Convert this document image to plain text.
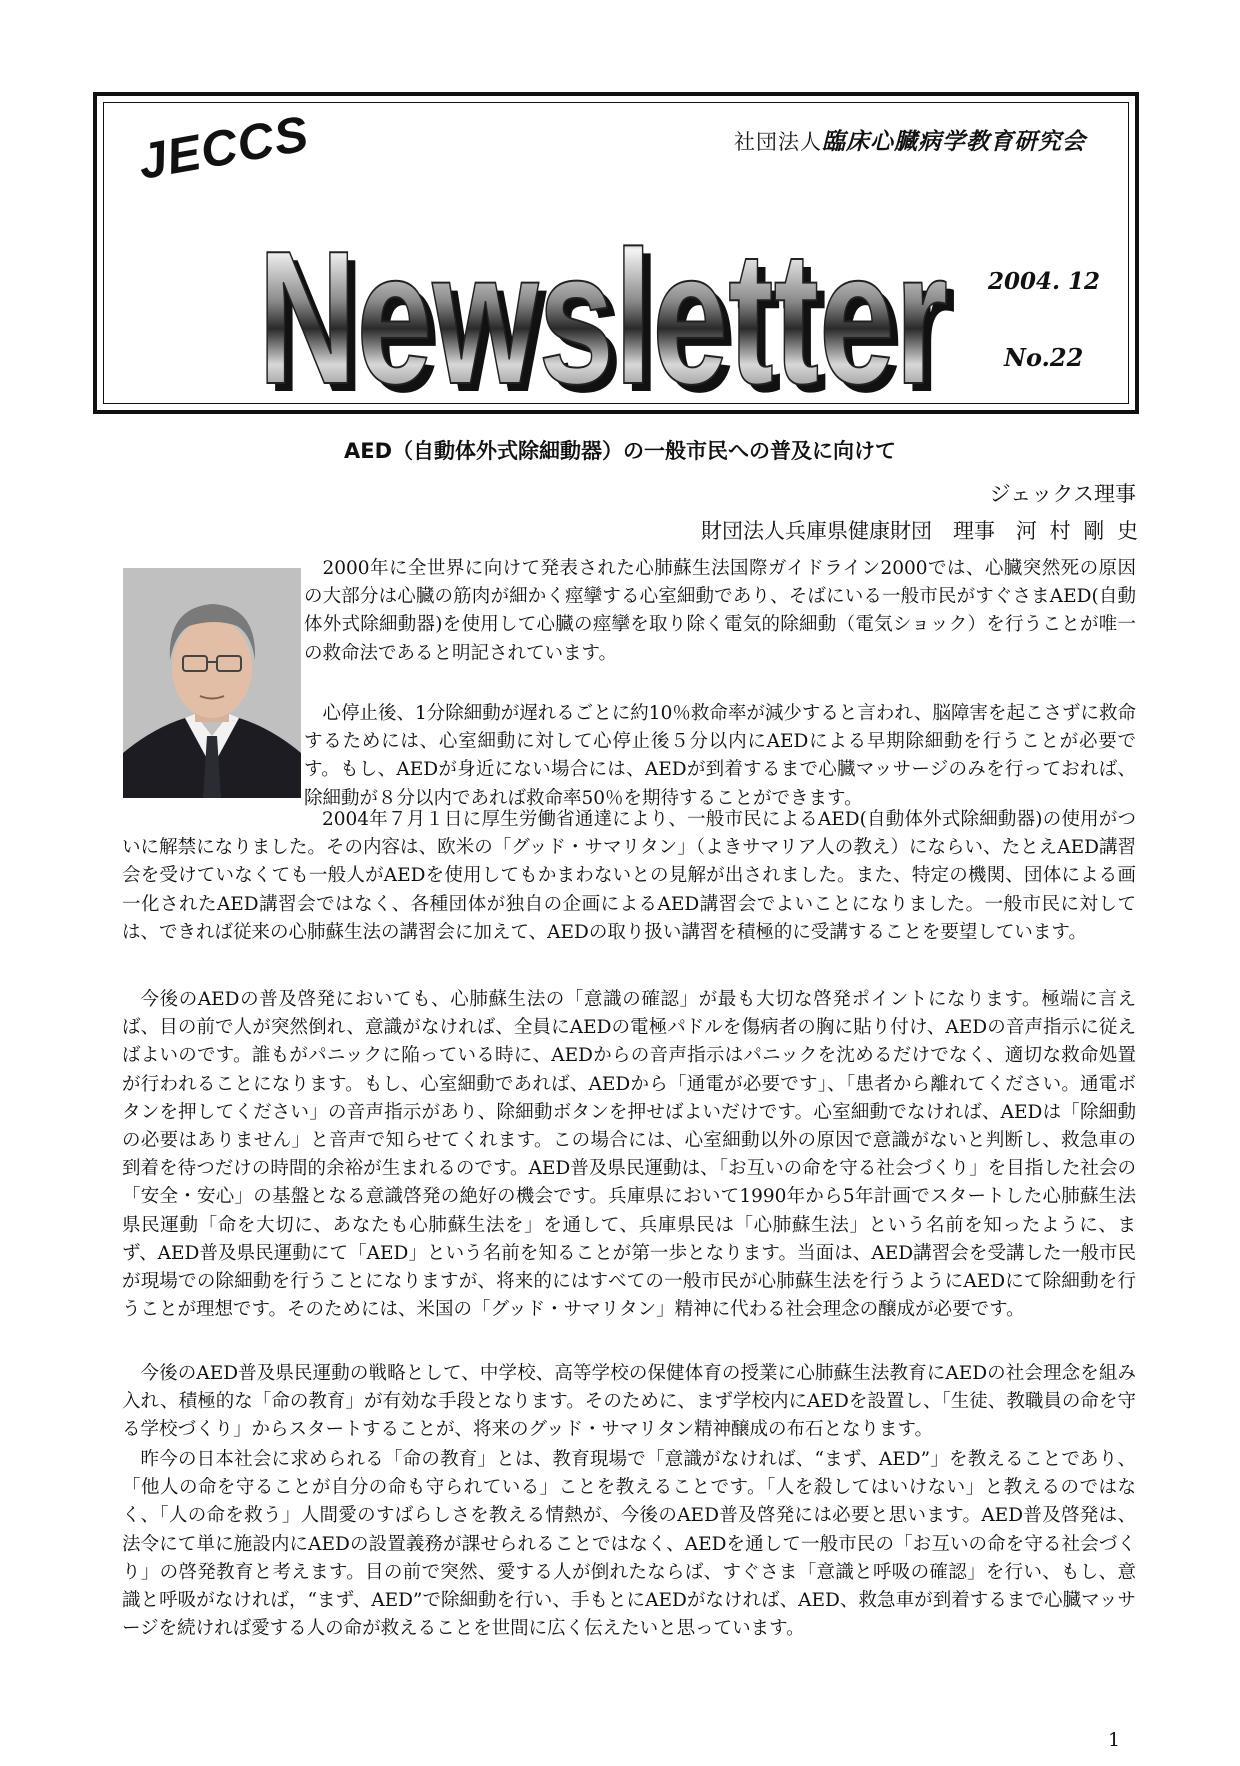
JECCS	社団法人臨床心臓病学教育研究会
Newsletter
Newsletter 2004. 12
No.22
AED（自動体外式除細動器）の一般市民への普及に向けて
ジェックス理事
財団法人兵庫県健康財団　理事　河 村 剛 史

2000年に全世界に向けて発表された心肺蘇生法国際ガイドライン2000では、心臓突然死の原因の大部分は心臓の筋肉が細かく痙攣する心室細動であり、そばにいる一般市民がすぐさまAED(自動体外式除細動器)を使用して心臓の痙攣を取り除く電気的除細動（電気ショック）を行うことが唯一の救命法であると明記されています。

心停止後、1分除細動が遅れるごとに約10％救命率が減少すると言われ、脳障害を起こさずに救命するためには、心室細動に対して心停止後５分以内にAEDによる早期除細動を行うことが必要です。もし、AEDが身近にない場合には、AEDが到着するまで心臓マッサージのみを行っておれば、除細動が８分以内であれば救命率50％を期待することができます。

2004年７月１日に厚生労働省通達により、一般市民によるAED(自動体外式除細動器)の使用がついに解禁になりました。その内容は、欧米の「グッド・サマリタン」（よきサマリア人の教え）にならい、たとえAED講習会を受けていなくても一般人がAEDを使用してもかまわないとの見解が出されました。また、特定の機関、団体による画一化されたAED講習会ではなく、各種団体が独自の企画によるAED講習会でよいことになりました。一般市民に対しては、できれば従来の心肺蘇生法の講習会に加えて、AEDの取り扱い講習を積極的に受講することを要望しています。

今後のAEDの普及啓発においても、心肺蘇生法の「意識の確認」が最も大切な啓発ポイントになります。極端に言えば、目の前で人が突然倒れ、意識がなければ、全員にAEDの電極パドルを傷病者の胸に貼り付け、AEDの音声指示に従えばよいのです。誰もがパニックに陥っている時に、AEDからの音声指示はパニックを沈めるだけでなく、適切な救命処置が行われることになります。もし、心室細動であれば、AEDから「通電が必要です」、「患者から離れてください。通電ボタンを押してください」の音声指示があり、除細動ボタンを押せばよいだけです。心室細動でなければ、AEDは「除細動の必要はありません」と音声で知らせてくれます。この場合には、心室細動以外の原因で意識がないと判断し、救急車の到着を待つだけの時間的余裕が生まれるのです。AED普及県民運動は、「お互いの命を守る社会づくり」を目指した社会の「安全・安心」の基盤となる意識啓発の絶好の機会です。兵庫県において1990年から5年計画でスタートした心肺蘇生法県民運動「命を大切に、あなたも心肺蘇生法を」を通して、兵庫県民は「心肺蘇生法」という名前を知ったように、まず、AED普及県民運動にて「AED」という名前を知ることが第一歩となります。当面は、AED講習会を受講した一般市民が現場での除細動を行うことになりますが、将来的にはすべての一般市民が心肺蘇生法を行うようにAEDにて除細動を行うことが理想です。そのためには、米国の「グッド・サマリタン」精神に代わる社会理念の醸成が必要です。

今後のAED普及県民運動の戦略として、中学校、高等学校の保健体育の授業に心肺蘇生法教育にAEDの社会理念を組み入れ、積極的な「命の教育」が有効な手段となります。そのために、まず学校内にAEDを設置し、「生徒、教職員の命を守る学校づくり」からスタートすることが、将来のグッド・サマリタン精神醸成の布石となります。

昨今の日本社会に求められる「命の教育」とは、教育現場で「意識がなければ、“まず、AED”」を教えることであり、「他人の命を守ることが自分の命も守られている」ことを教えることです。「人を殺してはいけない」と教えるのではなく、「人の命を救う」人間愛のすばらしさを教える情熱が、今後のAED普及啓発には必要と思います。AED普及啓発は、法令にて単に施設内にAEDの設置義務が課せられることではなく、AEDを通して一般市民の「お互いの命を守る社会づくり」の啓発教育と考えます。目の前で突然、愛する人が倒れたならば、すぐさま「意識と呼吸の確認」を行い、もし、意識と呼吸がなければ，“まず、AED”で除細動を行い、手もとにAEDがなければ、AED、救急車が到着するまで心臓マッサージを続ければ愛する人の命が救えることを世間に広く伝えたいと思っています。

1
